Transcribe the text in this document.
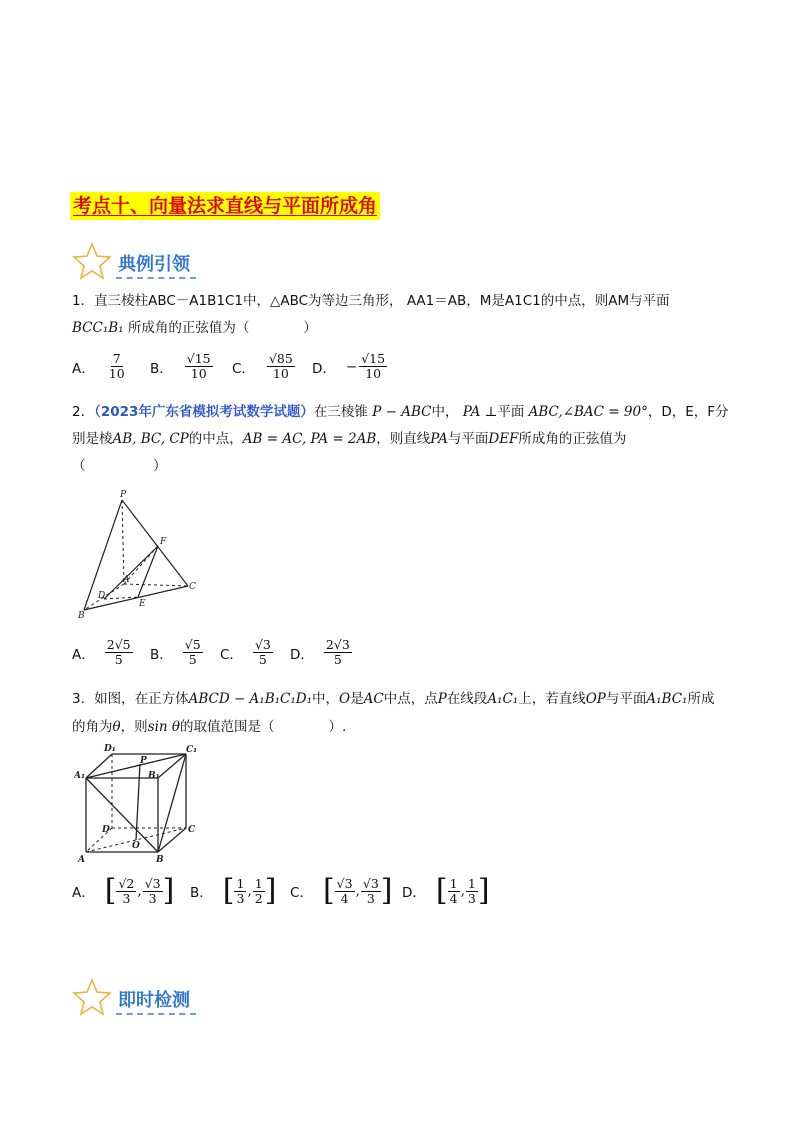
考点十、向量法求直线与平面所成角
典例引领
1．直三棱柱ABC－A1B1C1中，△ABC为等边三角形， AA1＝AB，M是A1C1的中点，则AM与平面
BCC₁B₁ 所成角的正弦值为（　　　　）
A． $\frac{7}{10}$ B． $\frac{√15}{10}$ C． $\frac{√85}{10}$ D． − $\frac{√15}{10}$
2．（2023年广东省模拟考试数学试题）在三棱锥 P − ABC中， PA ⊥平面 ABC,∠BAC = 90°，D，E，F分
别是棱AB, BC, CP的中点，AB = AC, PA = 2AB，则直线PA与平面DEF所成角的正弦值为
（　　　　　）
P
F
A
D
E
B
C
A． $\frac{2√5}{5}$ B． $\frac{√5}{5}$ C． $\frac{√3}{5}$ D． $\frac{2√3}{5}$
3．如图，在正方体ABCD − A₁B₁C₁D₁中，O是AC中点，点P在线段A₁C₁上，若直线OP与平面A₁BC₁所成
的角为θ，则sin θ的取值范围是（　　　　）.
D₁	C₁
A₁
P
B₁
D	C
O
A	B
A． [ $\frac{√2}{3}$ , $\frac{√3}{3}$ ] B． [ $\frac{1}{3}$ , $\frac{1}{2}$ ] C． [ $\frac{√3}{4}$ , $\frac{√3}{3}$ ] D． [ $\frac{1}{4}$ , $\frac{1}{3}$ ]
即时检测
